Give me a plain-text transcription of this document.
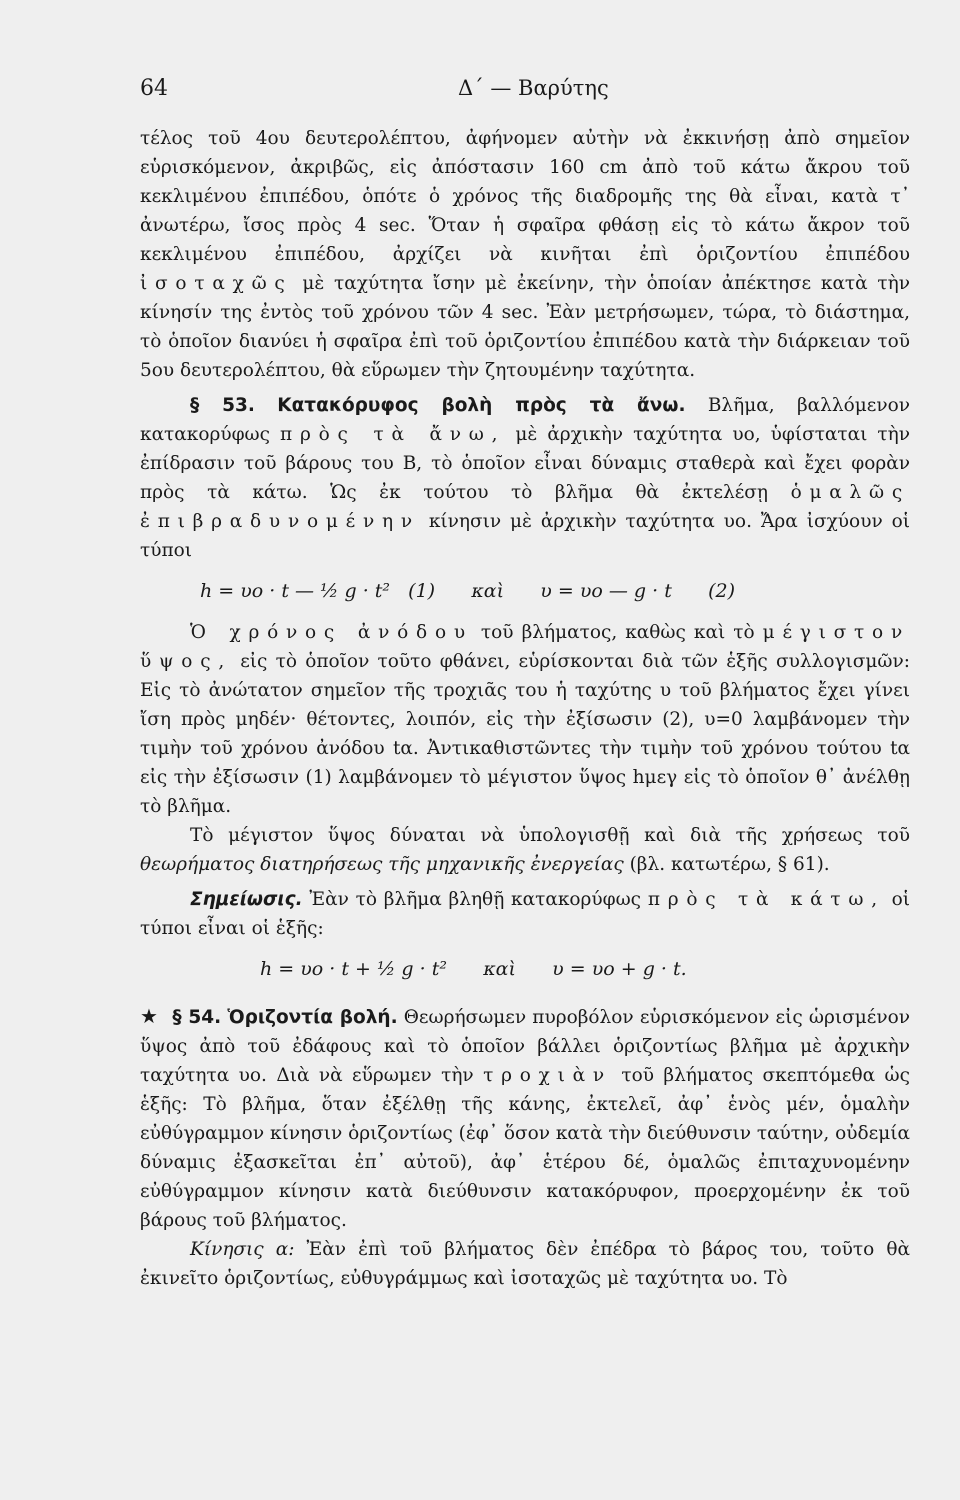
64	Δ΄ — Βαρύτης

τέλος τοῦ 4ου δευτερολέπτου, ἀφήνομεν αὐτὴν νὰ ἐκκινήσῃ ἀπὸ σημεῖον εὑρισκόμενον, ἀκριβῶς, εἰς ἀπόστασιν 160 cm ἀπὸ τοῦ κάτω ἄκρου τοῦ κεκλιμένου ἐπιπέδου, ὁπότε ὁ χρόνος τῆς διαδρομῆς της θὰ εἶναι, κατὰ τ᾿ ἀνωτέρω, ἴσος πρὸς 4 sec. Ὅταν ἡ σφαῖρα φθάσῃ εἰς τὸ κάτω ἄκρον τοῦ κεκλιμένου ἐπιπέδου, ἀρχίζει νὰ κινῆται ἐπὶ ὁριζοντίου ἐπιπέδου ἰσοταχῶς μὲ ταχύτητα ἴσην μὲ ἐκείνην, τὴν ὁποίαν ἀπέκτησε κατὰ τὴν κίνησίν της ἐντὸς τοῦ χρόνου τῶν 4 sec. Ἐὰν μετρήσωμεν, τώρα, τὸ διάστημα, τὸ ὁποῖον διανύει ἡ σφαῖρα ἐπὶ τοῦ ὁριζοντίου ἐπιπέδου κατὰ τὴν διάρκειαν τοῦ 5ου δευτερολέπτου, θὰ εὕρωμεν τὴν ζητουμένην ταχύτητα.

§ 53. Κατακόρυφος βολὴ πρὸς τὰ ἄνω. Βλῆμα, βαλλόμενον κατακορύφως πρὸς τὰ ἄνω, μὲ ἀρχικὴν ταχύτητα υο, ὑφίσταται τὴν ἐπίδρασιν τοῦ βάρους του Β, τὸ ὁποῖον εἶναι δύναμις σταθερὰ καὶ ἔχει φορὰν πρὸς τὰ κάτω. Ὡς ἐκ τούτου τὸ βλῆμα θὰ ἐκτελέσῃ ὁμαλῶς ἐπιβραδυνομένην κίνησιν μὲ ἀρχικὴν ταχύτητα υο. Ἄρα ἰσχύουν οἱ τύποι

h = υο · t — ½ g · t²   (1)      καὶ      υ = υο — g · t      (2)

Ὁ χρόνος ἀνόδου τοῦ βλήματος, καθὼς καὶ τὸ μέγιστον ὕψος, εἰς τὸ ὁποῖον τοῦτο φθάνει, εὑρίσκονται διὰ τῶν ἑξῆς συλλογισμῶν: Εἰς τὸ ἀνώτατον σημεῖον τῆς τροχιᾶς του ἡ ταχύτης υ τοῦ βλήματος ἔχει γίνει ἴση πρὸς μηδέν· θέτοντες, λοιπόν, εἰς τὴν ἐξίσωσιν (2), υ=0 λαμβάνομεν τὴν τιμὴν τοῦ χρόνου ἀνόδου tα. Ἀντικαθιστῶντες τὴν τιμὴν τοῦ χρόνου τούτου tα εἰς τὴν ἐξίσωσιν (1) λαμβάνομεν τὸ μέγιστον ὕψος hμεγ εἰς τὸ ὁποῖον θ᾿ ἀνέλθῃ τὸ βλῆμα.

Τὸ μέγιστον ὕψος δύναται νὰ ὑπολογισθῇ καὶ διὰ τῆς χρήσεως τοῦ θεωρήματος διατηρήσεως τῆς μηχανικῆς ἐνεργείας (βλ. κατωτέρω, § 61).

Σημείωσις. Ἐὰν τὸ βλῆμα βληθῇ κατακορύφως πρὸς τὰ κάτω, οἱ τύποι εἶναι οἱ ἑξῆς:

h = υο · t + ½ g · t²      καὶ      υ = υο + g · t.

★ § 54. Ὁριζοντία βολή. Θεωρήσωμεν πυροβόλον εὑρισκόμενον εἰς ὡρισμένον ὕψος ἀπὸ τοῦ ἐδάφους καὶ τὸ ὁποῖον βάλλει ὁριζοντίως βλῆμα μὲ ἀρχικὴν ταχύτητα υο. Διὰ νὰ εὕρωμεν τὴν τροχιὰν τοῦ βλήματος σκεπτόμεθα ὡς ἑξῆς: Τὸ βλῆμα, ὅταν ἐξέλθῃ τῆς κάνης, ἐκτελεῖ, ἀφ᾿ ἑνὸς μέν, ὁμαλὴν εὐθύγραμμον κίνησιν ὁριζοντίως (ἐφ᾿ ὅσον κατὰ τὴν διεύθυνσιν ταύτην, οὐδεμία δύναμις ἐξασκεῖται ἐπ᾿ αὐτοῦ), ἀφ᾿ ἑτέρου δέ, ὁμαλῶς ἐπιταχυνομένην εὐθύγραμμον κίνησιν κατὰ διεύθυνσιν κατακόρυφον, προερχομένην ἐκ τοῦ βάρους τοῦ βλήματος.

Κίνησις α: Ἐὰν ἐπὶ τοῦ βλήματος δὲν ἐπέδρα τὸ βάρος του, τοῦτο θὰ ἐκινεῖτο ὁριζοντίως, εὐθυγράμμως καὶ ἰσοταχῶς μὲ ταχύτητα υο. Τὸ
